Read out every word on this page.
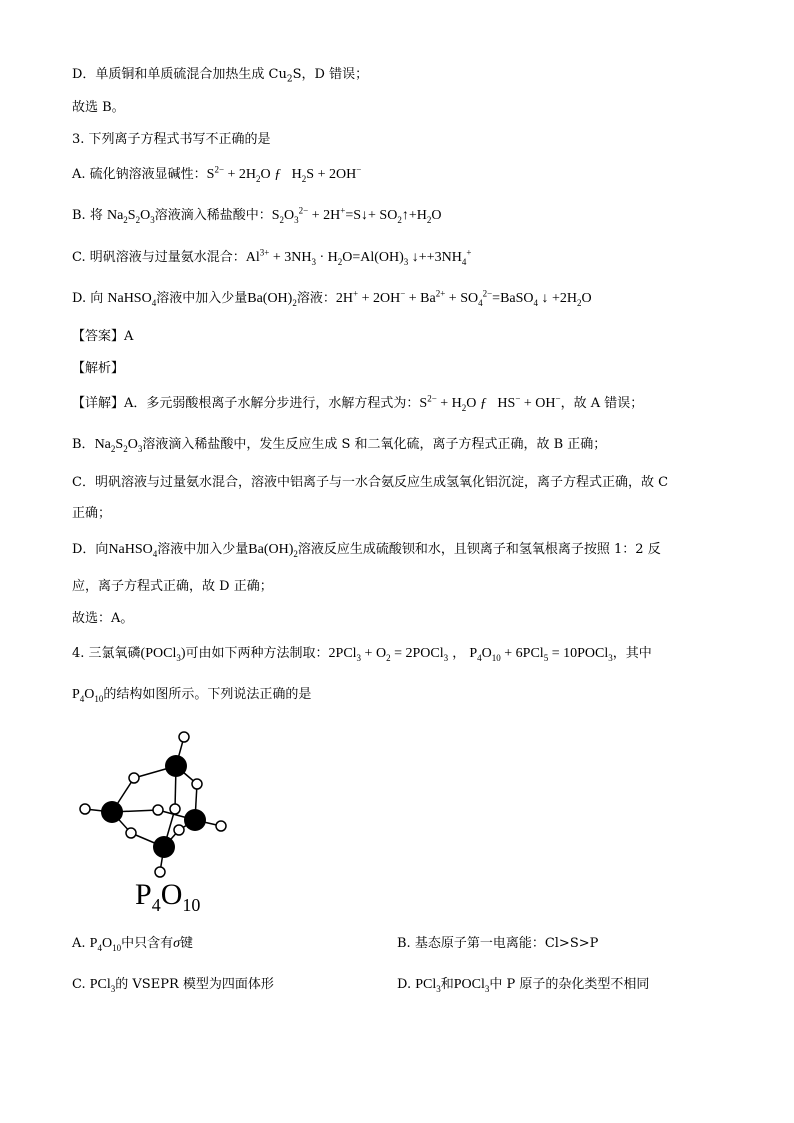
D．单质铜和单质硫混合加热生成 $Cu_2S$，D 错误；
故选 B。
3. 下列离子方程式书写不正确的是
A. 硫化钠溶液显碱性：$S^{2-} + 2H_2O$ ƒ   $H_2S + 2OH^-$
B. 将 $Na_2S_2O_3$溶液滴入稀盐酸中：$S_2O_3^{2-}$ + 2H+=S↓+ $SO_2↑+H_2O$
C. 明矾溶液与过量氨水混合：$Al^{3+} + 3NH_3 \cdot H_2O=Al(OH)_3$ $↓++3NH_4^+$
D. 向 NaHSO$_4$溶液中加入少量$Ba(OH)_2$溶液：$2H^+ + 2OH^- + Ba^{2+}$ + $SO_4^{2-}=BaSO_4$ ↓ $+2H_2O$
【答案】A
【解析】
【详解】A．多元弱酸根离子水解分步进行，水解方程式为：$S^{2-} + H_2O$ ƒ   HS− + OH−，故 A 错误；
B．$Na_2S_2O_3$溶液滴入稀盐酸中，发生反应生成 S 和二氧化硫，离子方程式正确，故 B 正确；
C．明矾溶液与过量氨水混合，溶液中铝离子与一水合氨反应生成氢氧化铝沉淀，离子方程式正确，故 C
正确；
D．向NaHSO$_4$溶液中加入少量$Ba(OH)_2$溶液反应生成硫酸钡和水，且钡离子和氢氧根离子按照 1：2 反
应，离子方程式正确，故 D 正确；
故选：A。
4. 三氯氧磷(POCl$_3$)可由如下两种方法制取：$2PCl_3 + O_2$ = 2POCl$_3$ ， $P_4O_{10} + 6PCl_5$ = 10POCl$_3$，其中
$P_4O_{10}$的结构如图所示。下列说法正确的是
$P_4O_{10}$
A. $P_4O_{10}$中只含有σ键	B. 基态原子第一电离能：Cl>S>P
C. PCl$_3$的 VSEPR 模型为四面体形	D. PCl$_3$和POCl$_3$中 P 原子的杂化类型不相同
